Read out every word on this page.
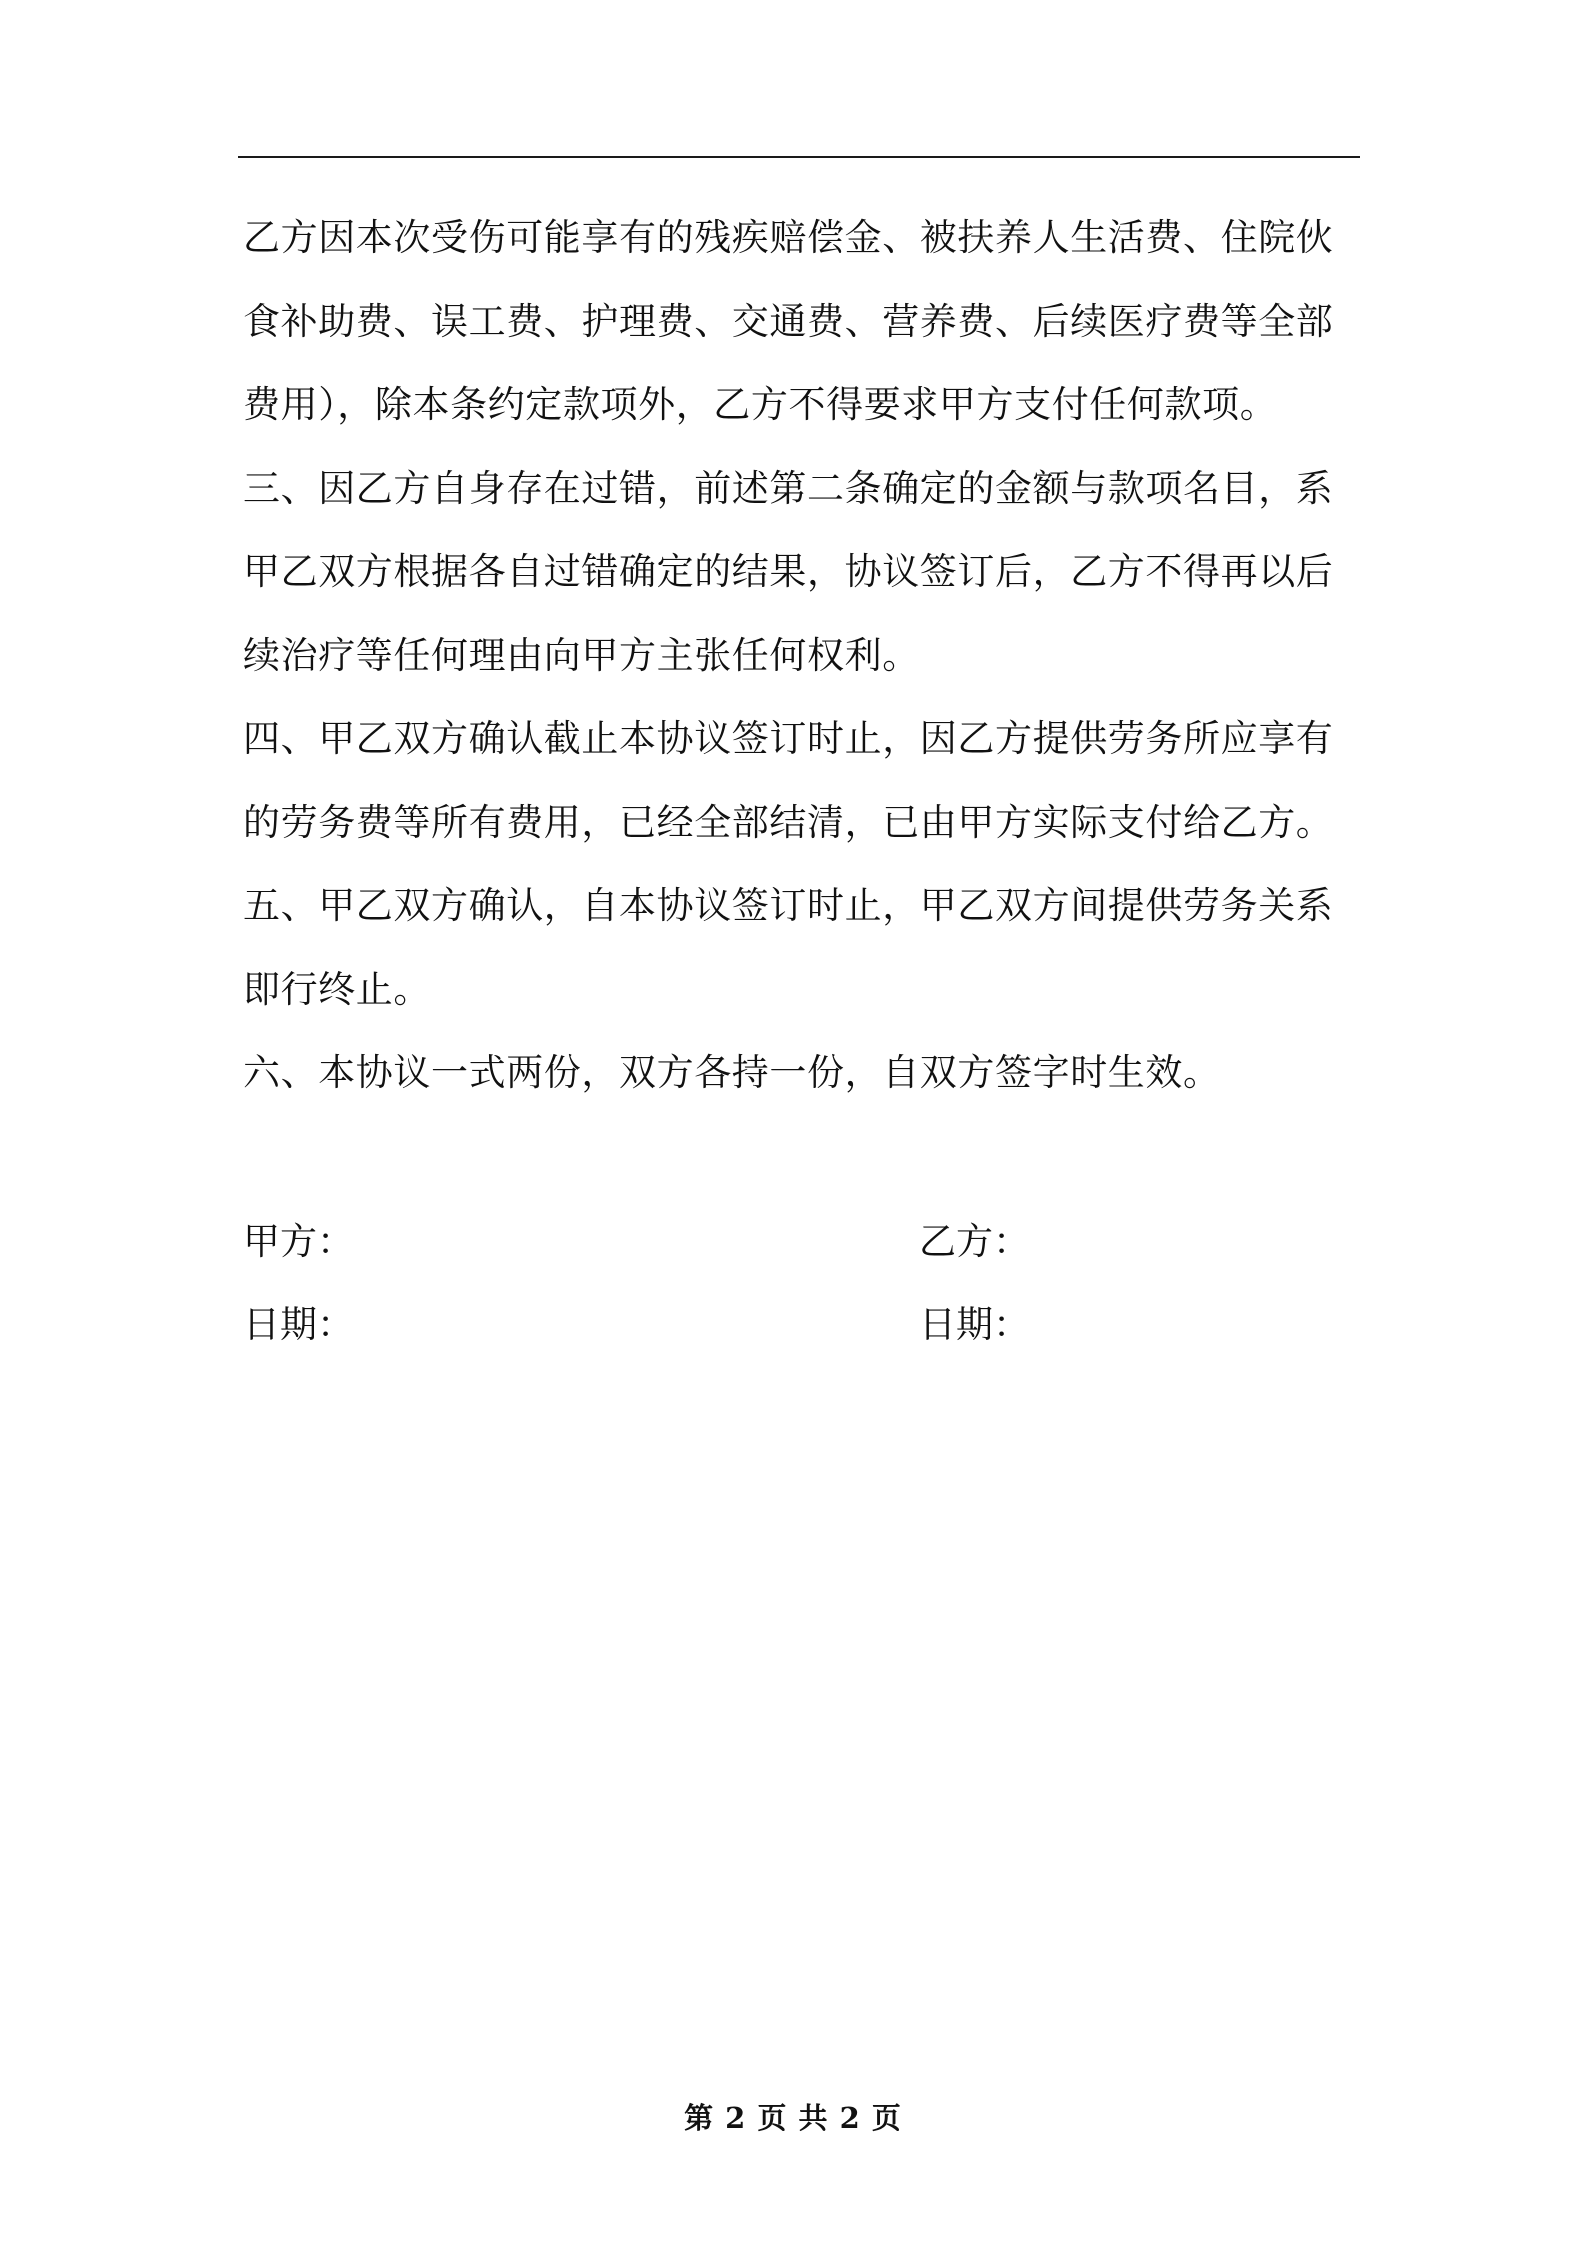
乙方因本次受伤可能享有的残疾赔偿金、被扶养人生活费、住院伙食补助费、误工费、护理费、交通费、营养费、后续医疗费等全部费用），除本条约定款项外，乙方不得要求甲方支付任何款项。

三、因乙方自身存在过错，前述第二条确定的金额与款项名目，系甲乙双方根据各自过错确定的结果，协议签订后，乙方不得再以后续治疗等任何理由向甲方主张任何权利。

四、甲乙双方确认截止本协议签订时止，因乙方提供劳务所应享有的劳务费等所有费用，已经全部结清，已由甲方实际支付给乙方。

五、甲乙双方确认，自本协议签订时止，甲乙双方间提供劳务关系即行终止。

六、本协议一式两份，双方各持一份，自双方签字时生效。

甲方：	乙方：
日期：	日期：
第 2 页 共 2 页
